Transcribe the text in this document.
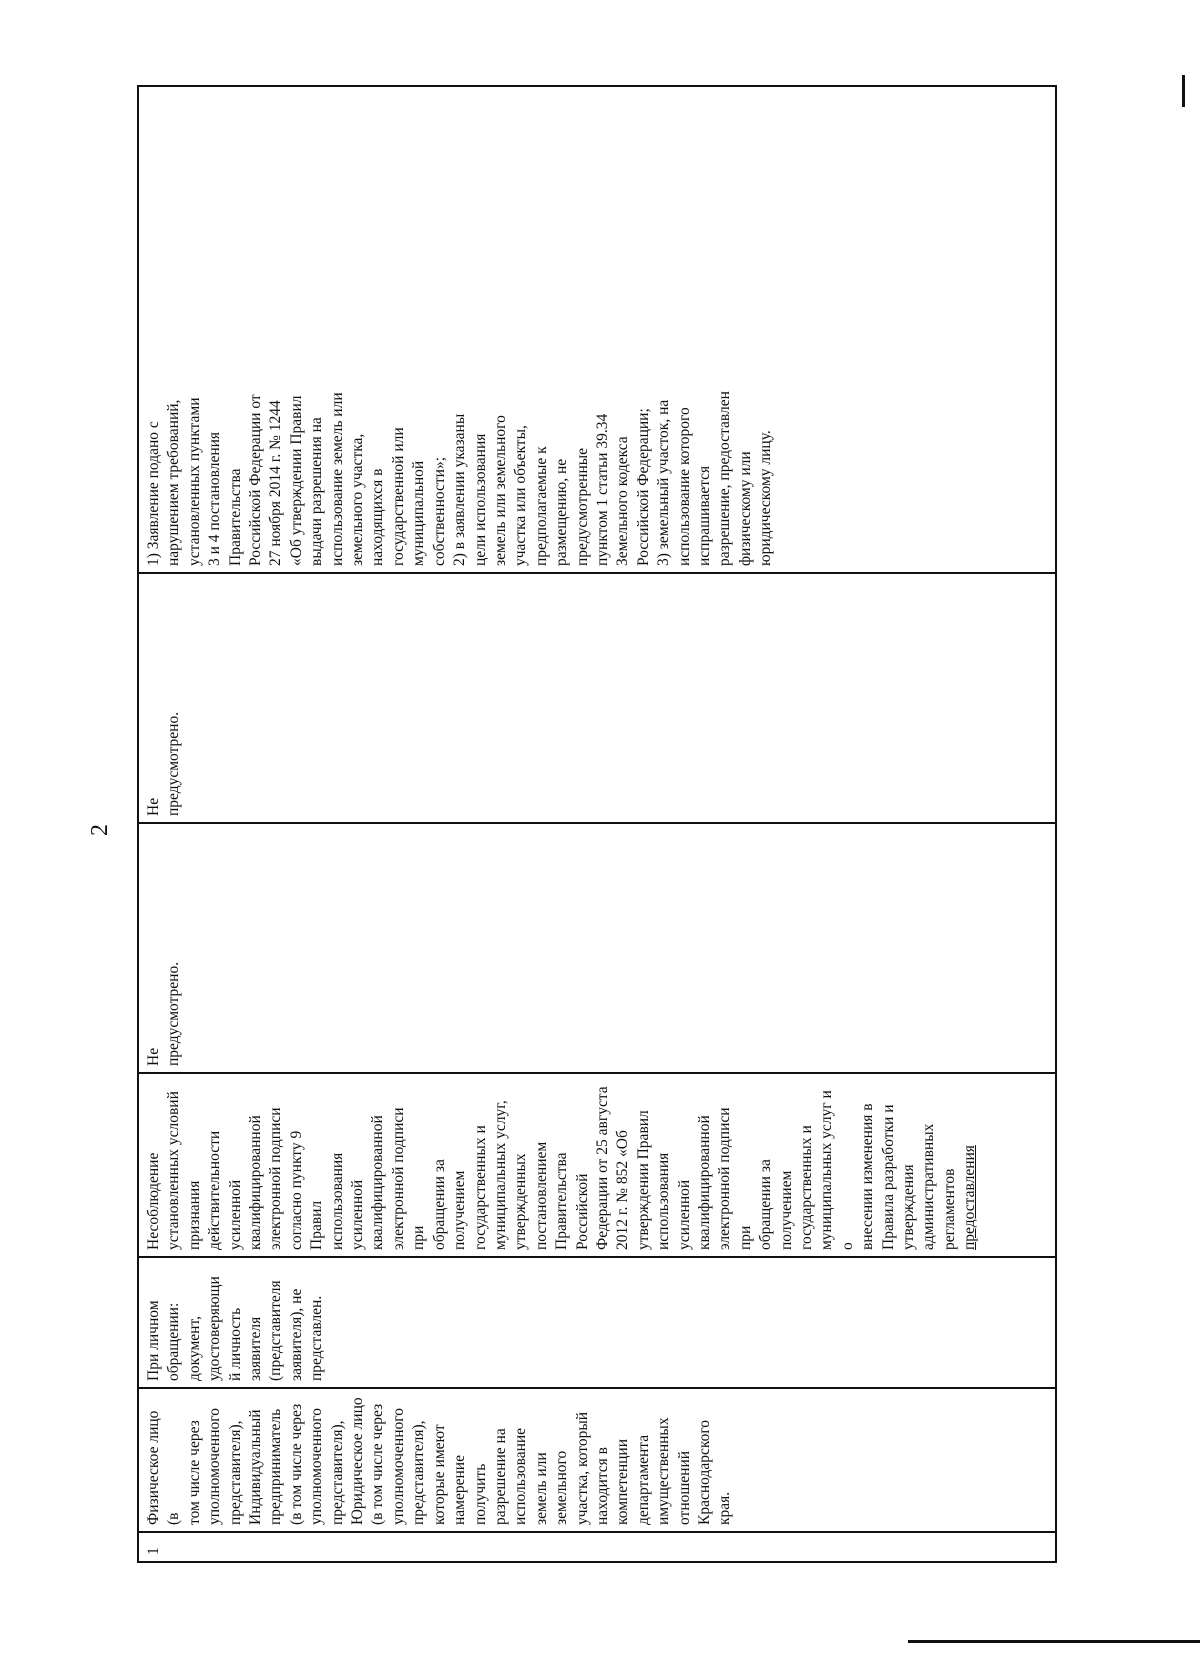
2
1	Физическое лицо (в
том числе через
уполномоченного
представителя),
Индивидуальный
предприниматель
(в том числе через
уполномоченного
представителя),
Юридическое лицо
(в том числе через
уполномоченного
представителя),
которые имеют
намерение получить
разрешение на
использование
земель или
земельного
участка, который
находится в
компетенции
департамента
имущественных
отношений
Краснодарского
края.	При личном
обращении:
документ,
удостоверяющи
й личность
заявителя
(представителя
заявителя), не
представлен.	Несоблюдение
установленных условий
признания
действительности
усиленной
квалифицированной
электронной подписи
согласно пункту 9 Правил
использования усиленной
квалифицированной
электронной подписи при
обращении за получением
государственных и
муниципальных услуг,
утвержденных
постановлением
Правительства Российской
Федерации от 25 августа
2012 г. № 852 «Об
утверждении Правил
использования усиленной
квалифицированной
электронной подписи при
обращении за получением
государственных и
муниципальных услуг и о
внесении изменения в
Правила разработки и
утверждения
административных
регламентов предоставления	Не
предусмотрено.	Не
предусмотрено.	1) Заявление подано с
нарушением требований,
установленных пунктами
3 и 4 постановления
Правительства
Российской Федерации от
27 ноября 2014 г. № 1244
«Об утверждении Правил
выдачи разрешения на
использование земель или
земельного участка,
находящихся в
государственной или
муниципальной
собственности»;
2) в заявлении указаны
цели использования
земель или земельного
участка или объекты,
предполагаемые к
размещению, не
предусмотренные
пунктом 1 статьи 39.34
Земельного кодекса
Российской Федерации;
3) земельный участок, на
использование которого
испрашивается
разрешение, предоставлен
физическому или
юридическому лицу.
